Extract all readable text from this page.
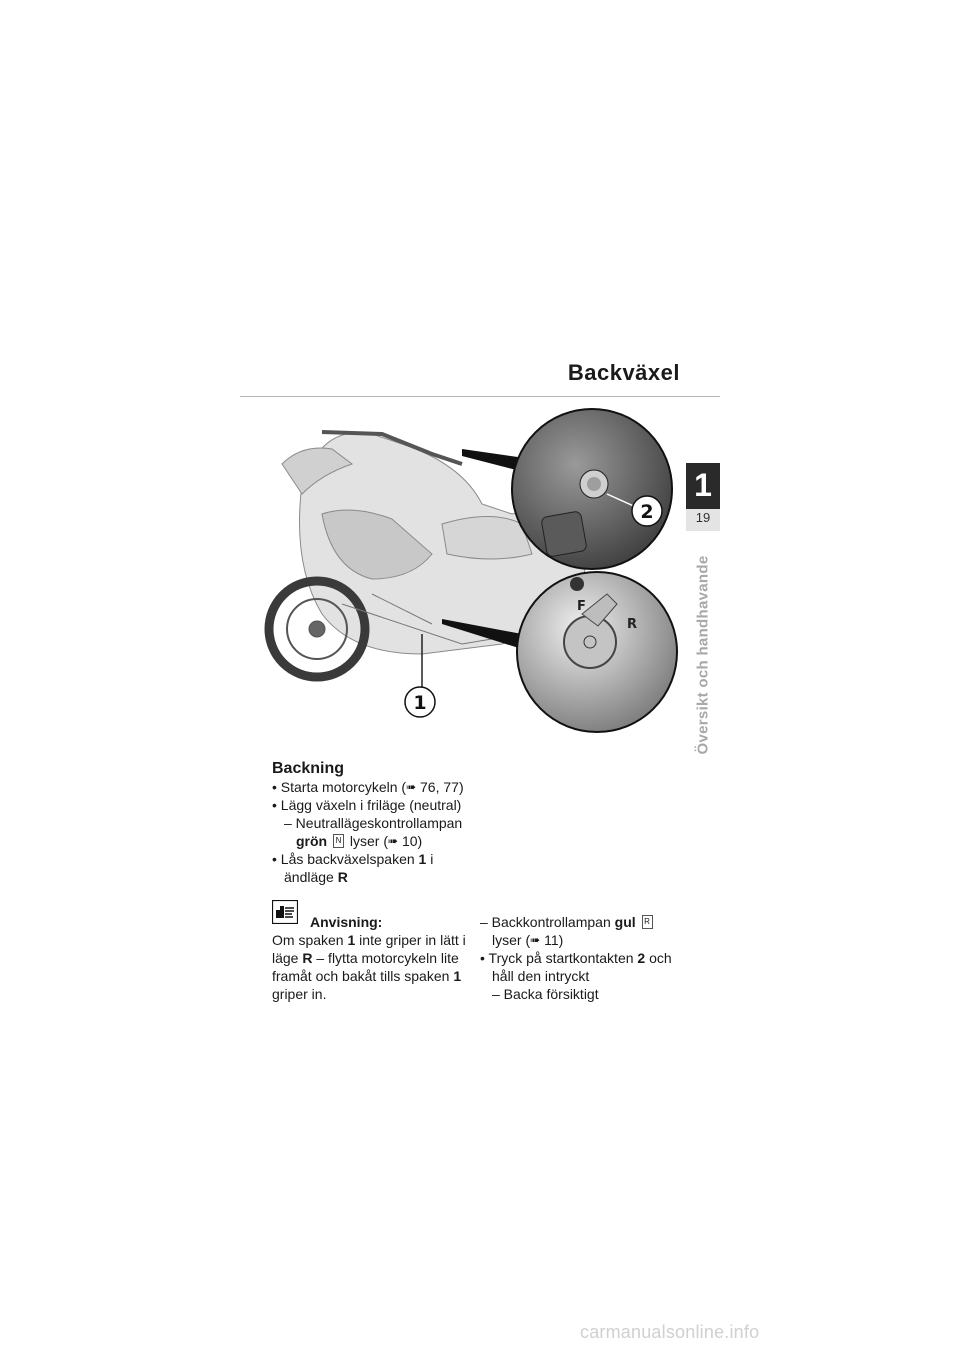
Backväxel
1
19
Översikt och handhavande
F
R
2
1
Backning
• Starta motorcykeln (➠ 76, 77)
• Lägg växeln i friläge (neutral)
– Neutrallägeskontrollampan
grön N lyser (➠ 10)
• Lås backväxelspaken 1 i
ändläge R
Anvisning:
Om spaken 1 inte griper in lätt i
läge R – flytta motorcykeln lite
framåt och bakåt tills spaken 1
griper in.
– Backkontrollampan gul R
lyser (➠ 11)
• Tryck på startkontakten 2 och
håll den intryckt
– Backa försiktigt
carmanualsonline.info
